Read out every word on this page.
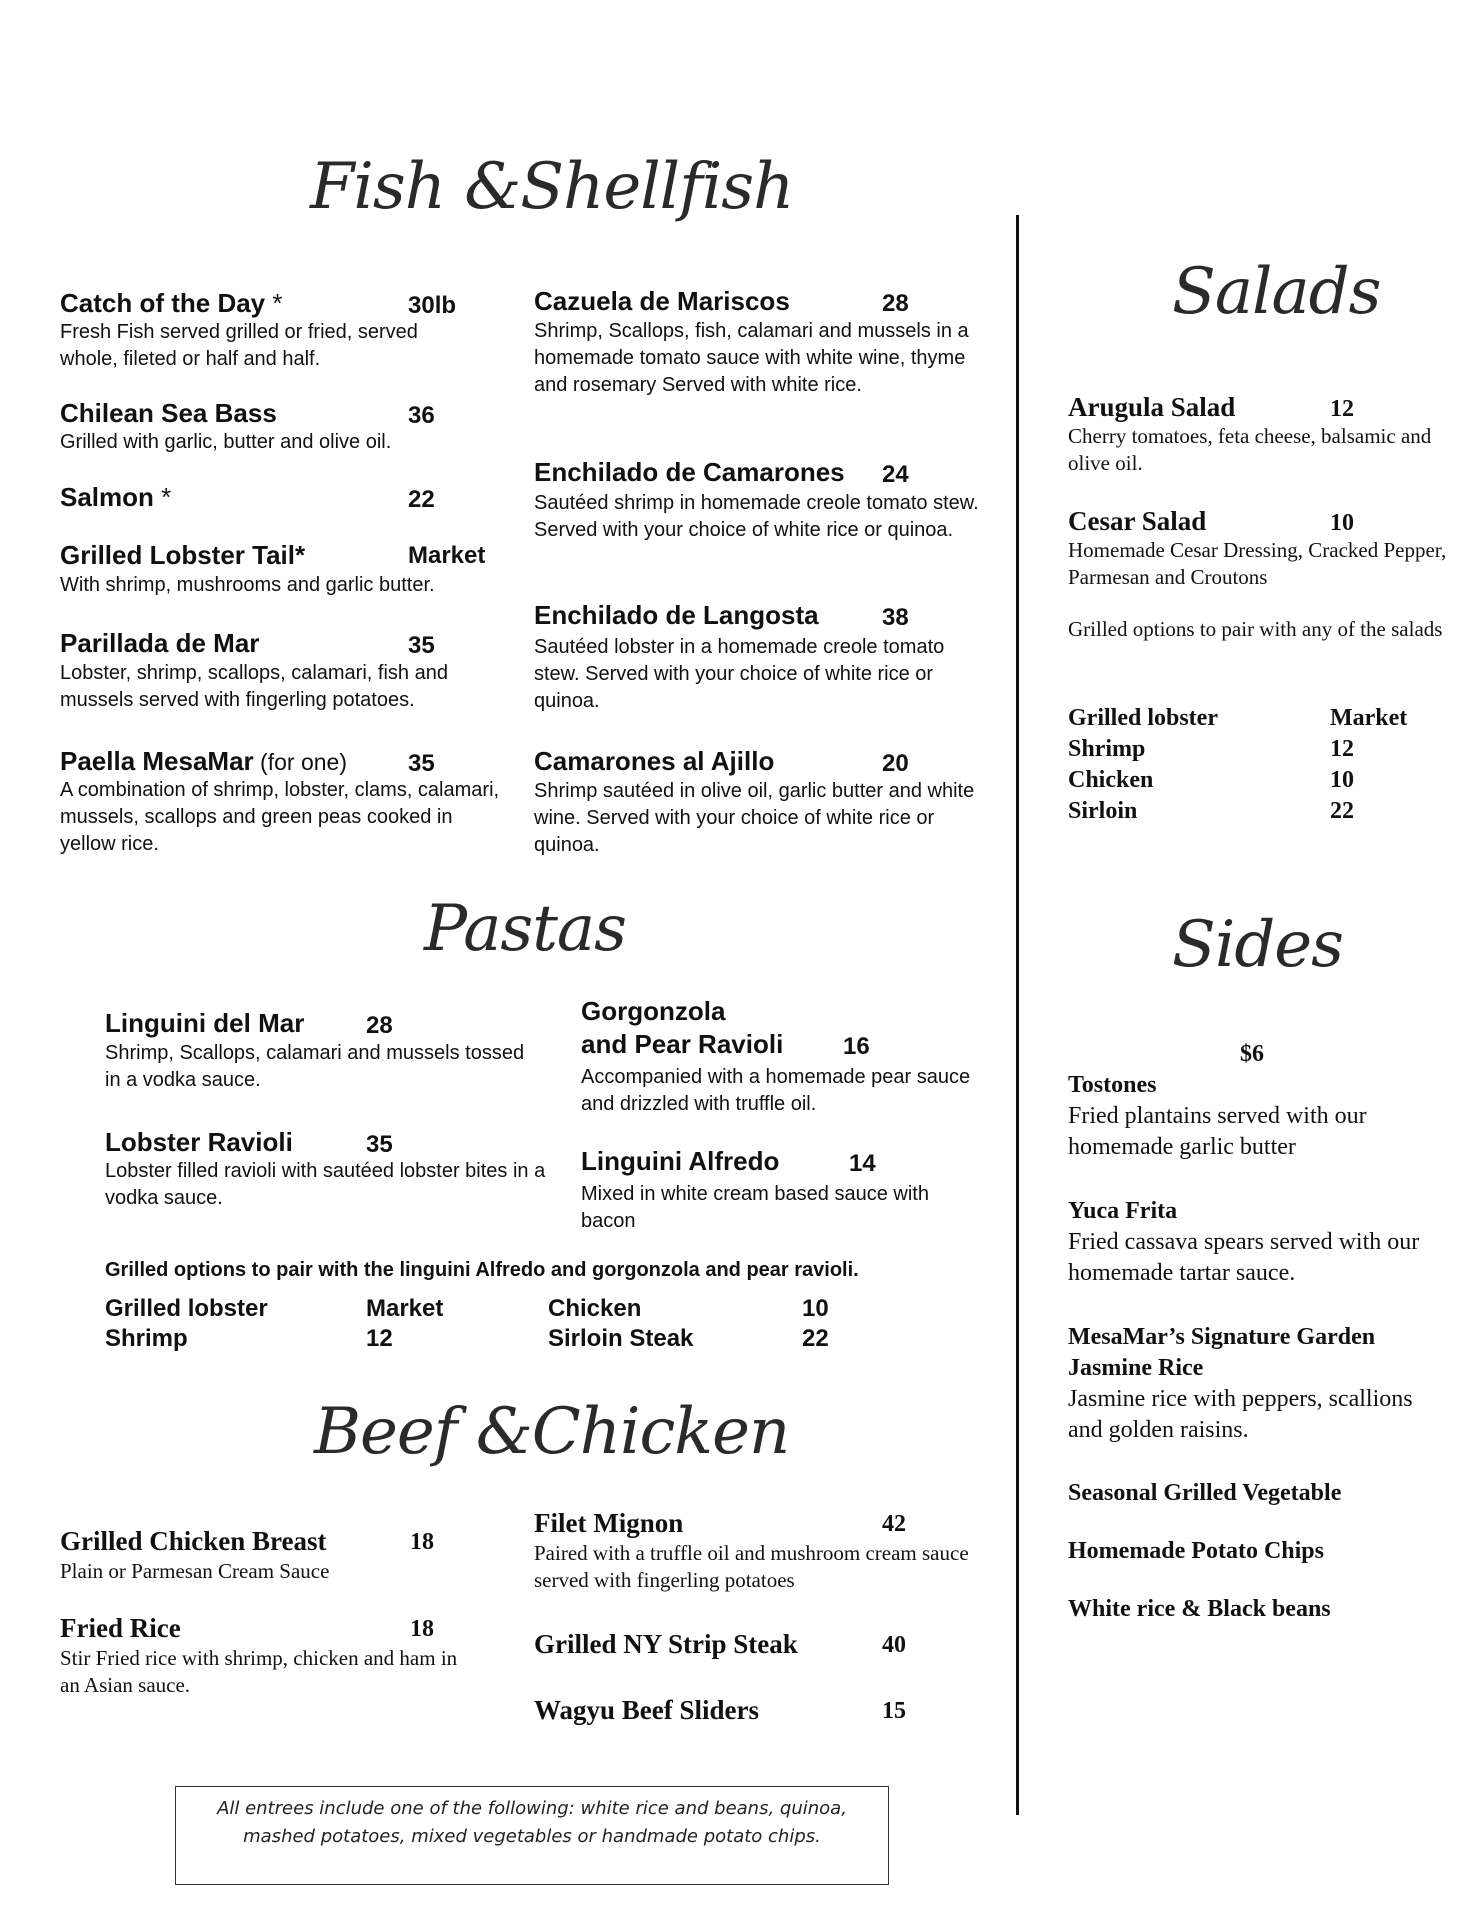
Fish &Shellfish
Catch of the Day *	30lb
Fresh Fish served grilled or fried, served whole, fileted or half and half.
Chilean Sea Bass	36
Grilled with garlic, butter and olive oil.
Salmon *	22
Grilled Lobster Tail*	Market
With shrimp, mushrooms and garlic butter.
Parillada de Mar	35
Lobster, shrimp, scallops, calamari, fish and mussels served with fingerling potatoes.
Paella MesaMar (for one)	35
A combination of shrimp, lobster, clams, calamari, mussels, scallops and green peas cooked in yellow rice.
Cazuela de Mariscos	28
Shrimp, Scallops, fish, calamari and mussels in a homemade tomato sauce with white wine, thyme and rosemary Served with white rice.
Enchilado de Camarones 24
Sautéed shrimp in homemade creole tomato stew. Served with your choice of white rice or quinoa.
Enchilado de Langosta	38
Sautéed lobster in a homemade creole tomato stew. Served with your choice of white rice or quinoa.
Camarones al Ajillo	20
Shrimp sautéed in olive oil, garlic butter and white wine. Served with your choice of white rice or quinoa.
Pastas
Linguini del Mar	28
Shrimp, Scallops, calamari and mussels tossed in a vodka sauce.
Lobster Ravioli	35
Lobster filled ravioli with sautéed lobster bites in a vodka sauce.
Gorgonzola
and Pear Ravioli 16
Accompanied with a homemade pear sauce and drizzled with truffle oil.
Linguini Alfredo	14
Mixed in white cream based sauce with bacon
Grilled options to pair with the linguini Alfredo and gorgonzola and pear ravioli.
Grilled lobster	Market
Shrimp	12
Chicken	10
Sirloin Steak	22
Beef &Chicken
Grilled Chicken Breast	18
Plain or Parmesan Cream Sauce
Fried Rice	18
Stir Fried rice with shrimp, chicken and ham in an Asian sauce.
Filet Mignon	42
Paired with a truffle oil and mushroom cream sauce served with fingerling potatoes
Grilled NY Strip Steak	40
Wagyu Beef Sliders	15
Salads
Arugula Salad	12
Cherry tomatoes, feta cheese, balsamic and olive oil.
Cesar Salad	10
Homemade Cesar Dressing, Cracked Pepper, Parmesan and Croutons
Grilled options to pair with any of the salads
Grilled lobster	Market
Shrimp	12
Chicken	10
Sirloin	22
Sides
$6
Tostones
Fried plantains served with our homemade garlic butter
Yuca Frita
Fried cassava spears served with our homemade tartar sauce.
MesaMar’s Signature Garden
Jasmine Rice
Jasmine rice with peppers, scallions and golden raisins.
Seasonal Grilled Vegetable
Homemade Potato Chips
White rice & Black beans
All entrees include one of the following: white rice and beans, quinoa, mashed potatoes, mixed vegetables or handmade potato chips.
